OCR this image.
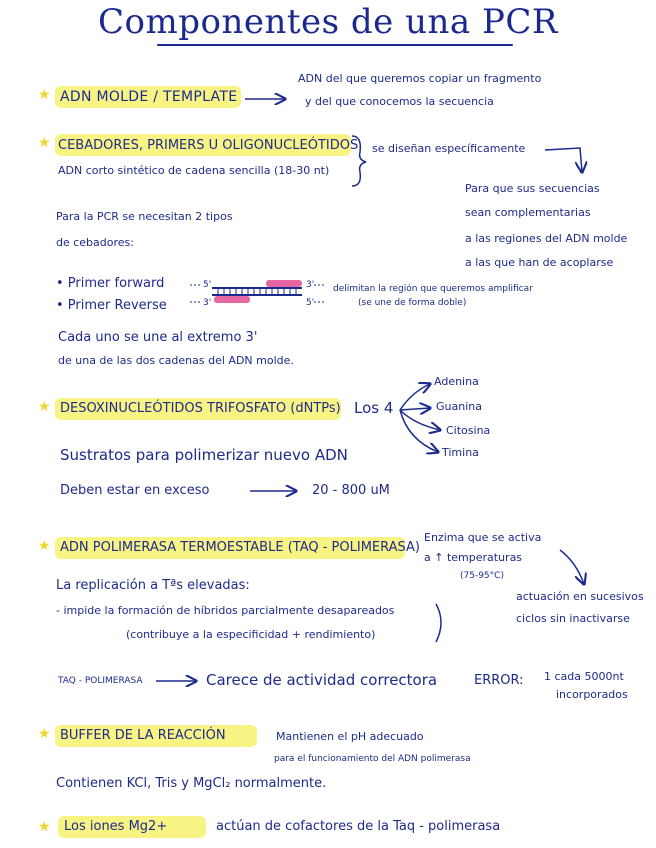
Componentes de una PCR
★ ADN MOLDE / TEMPLATE
ADN del que queremos copiar un fragmento
y del que conocemos la secuencia
★ CEBADORES, PRIMERS U OLIGONUCLEÓTIDOS
ADN corto sintético de cadena sencilla (18-30 nt)
se diseñan específicamente
Para que sus secuencias
sean complementarias
a las regiones del ADN molde
a las que han de acoplarse
Para la PCR se necesitan 2 tipos
de cebadores:
• Primer forward
• Primer Reverse
5'	3'
3'	5'
delimitan la región que queremos amplificar
(se une de forma doble)
Cada uno se une al extremo 3'
de una de las dos cadenas del ADN molde.
★ DESOXINUCLEÓTIDOS TRIFOSFATO (dNTPs) Los 4
Adenina
Guanina
Citosina
Timina
Sustratos para polimerizar nuevo ADN
Deben estar en exceso	20 - 800 uM
★ ADN POLIMERASA TERMOESTABLE (TAQ - POLIMERASA)
Enzima que se activa
a ↑ temperaturas
(75-95°C)
actuación en sucesivos
ciclos sin inactivarse
La replicación a Tªs elevadas:
- impide la formación de híbridos parcialmente desapareados
(contribuye a la especificidad + rendimiento)
TAQ - POLIMERASA	Carece de actividad correctora	ERROR: 1 cada 5000nt
incorporados
★ BUFFER DE LA REACCIÓN	Mantienen el pH adecuado
para el funcionamiento del ADN polimerasa
Contienen KCl, Tris y MgCl₂ normalmente.
★ Los iones Mg2+	actúan de cofactores de la Taq - polimerasa
